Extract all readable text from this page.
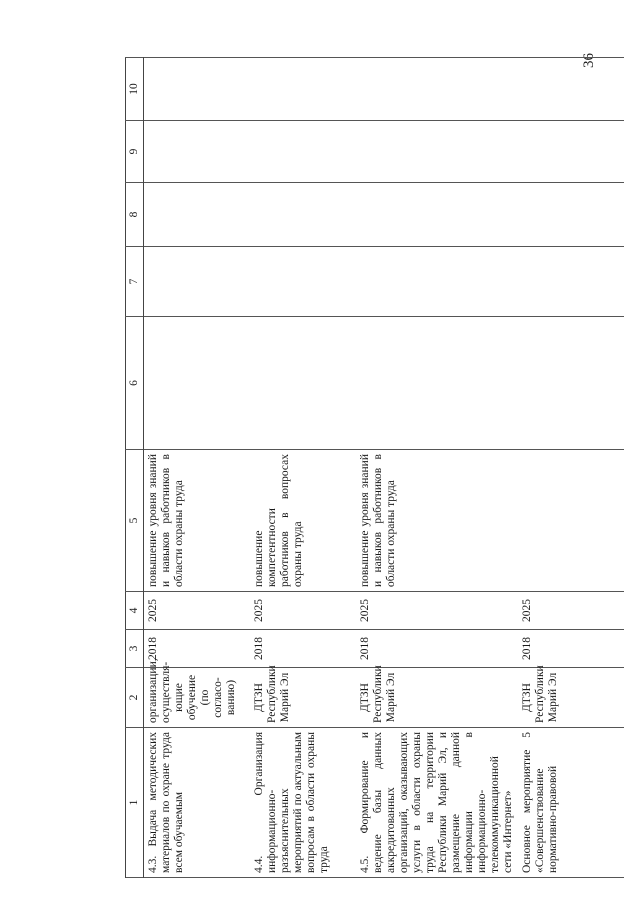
36
1	2	3	4	5	6	7	8	9	10
4.3. Выдача методических материалов по охране труда всем обучаемым	организации, осуществля-ющие обучение (по согласо-ванию)	2018	2025	повышение уровня знаний и навыков работников в области охраны труда					
4.4. Организация информационно-разъяснительных мероприятий по актуальным вопросам в области охраны труда	ДТЗН Республики Марий Эл	2018	2025	повышение компетентности работников в вопросах охраны труда					
4.5. Формирование и ведение базы данных аккредитованных организаций, оказывающих услуги в области охраны труда на территории Республики Марий Эл, и размещение данной информации в информационно-телекоммуникационной сети «Интернет»	ДТЗН Республики Марий Эл	2018	2025	повышение уровня знаний и навыков работников в области охраны труда					
Основное мероприятие 5 «Совершенствование нормативно-правовой	ДТЗН Республики Марий Эл	2018	2025						
